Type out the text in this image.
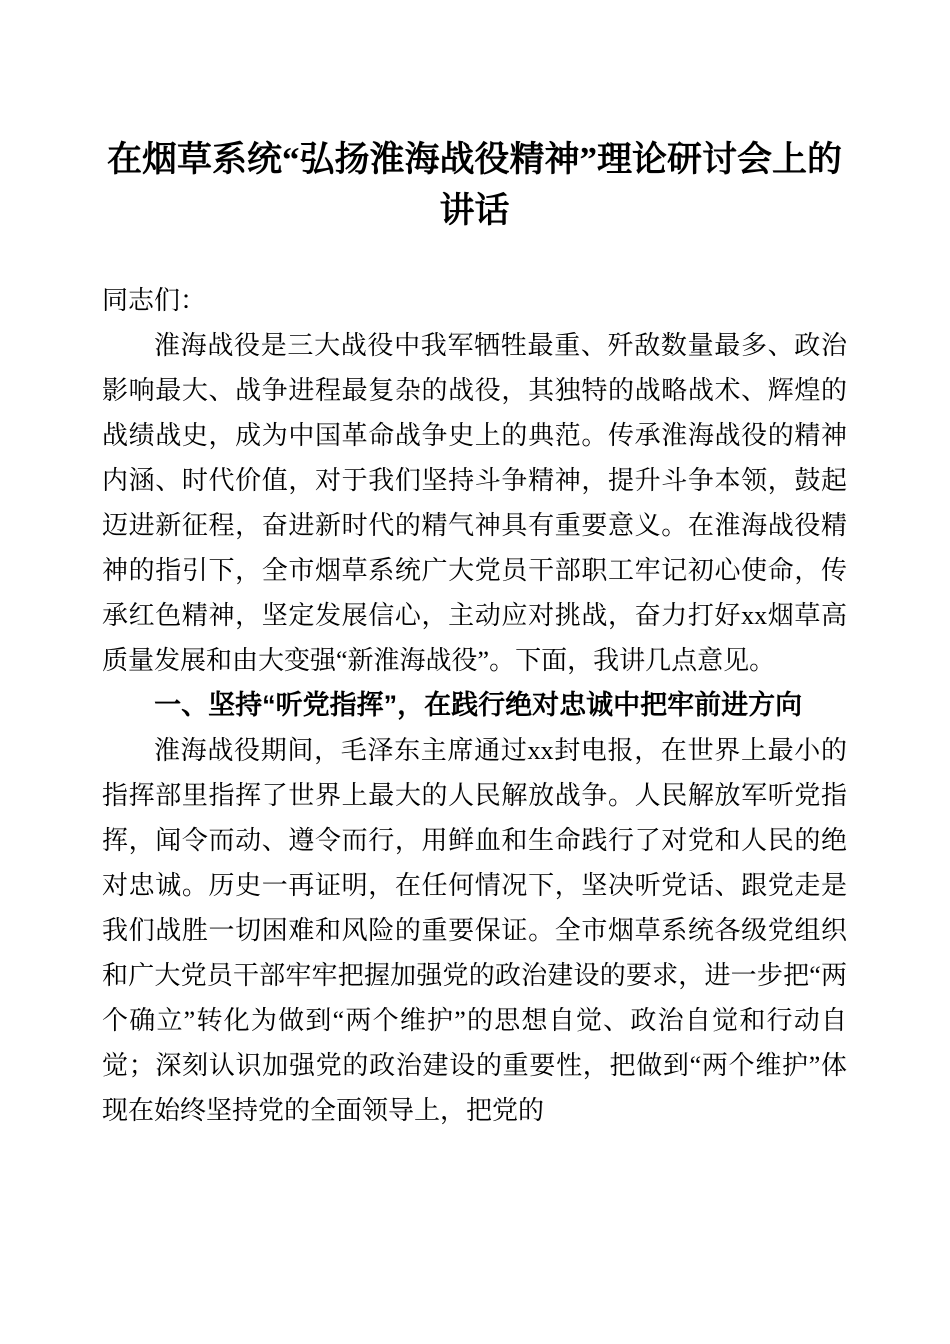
在烟草系统“弘扬淮海战役精神”理论研讨会上的讲话

同志们：

淮海战役是三大战役中我军牺牲最重、歼敌数量最多、政治影响最大、战争进程最复杂的战役，其独特的战略战术、辉煌的战绩战史，成为中国革命战争史上的典范。传承淮海战役的精神内涵、时代价值，对于我们坚持斗争精神，提升斗争本领，鼓起迈进新征程，奋进新时代的精气神具有重要意义。在淮海战役精神的指引下，全市烟草系统广大党员干部职工牢记初心使命，传承红色精神，坚定发展信心，主动应对挑战，奋力打好xx烟草高质量发展和由大变强“新淮海战役”。下面，我讲几点意见。

一、坚持“听党指挥”，在践行绝对忠诚中把牢前进方向

淮海战役期间，毛泽东主席通过xx封电报，在世界上最小的指挥部里指挥了世界上最大的人民解放战争。人民解放军听党指挥，闻令而动、遵令而行，用鲜血和生命践行了对党和人民的绝对忠诚。历史一再证明，在任何情况下，坚决听党话、跟党走是我们战胜一切困难和风险的重要保证。全市烟草系统各级党组织和广大党员干部牢牢把握加强党的政治建设的要求，进一步把“两个确立”转化为做到“两个维护”的思想自觉、政治自觉和行动自觉；深刻认识加强党的政治建设的重要性，把做到“两个维护”体现在始终坚持党的全面领导上，把党的
